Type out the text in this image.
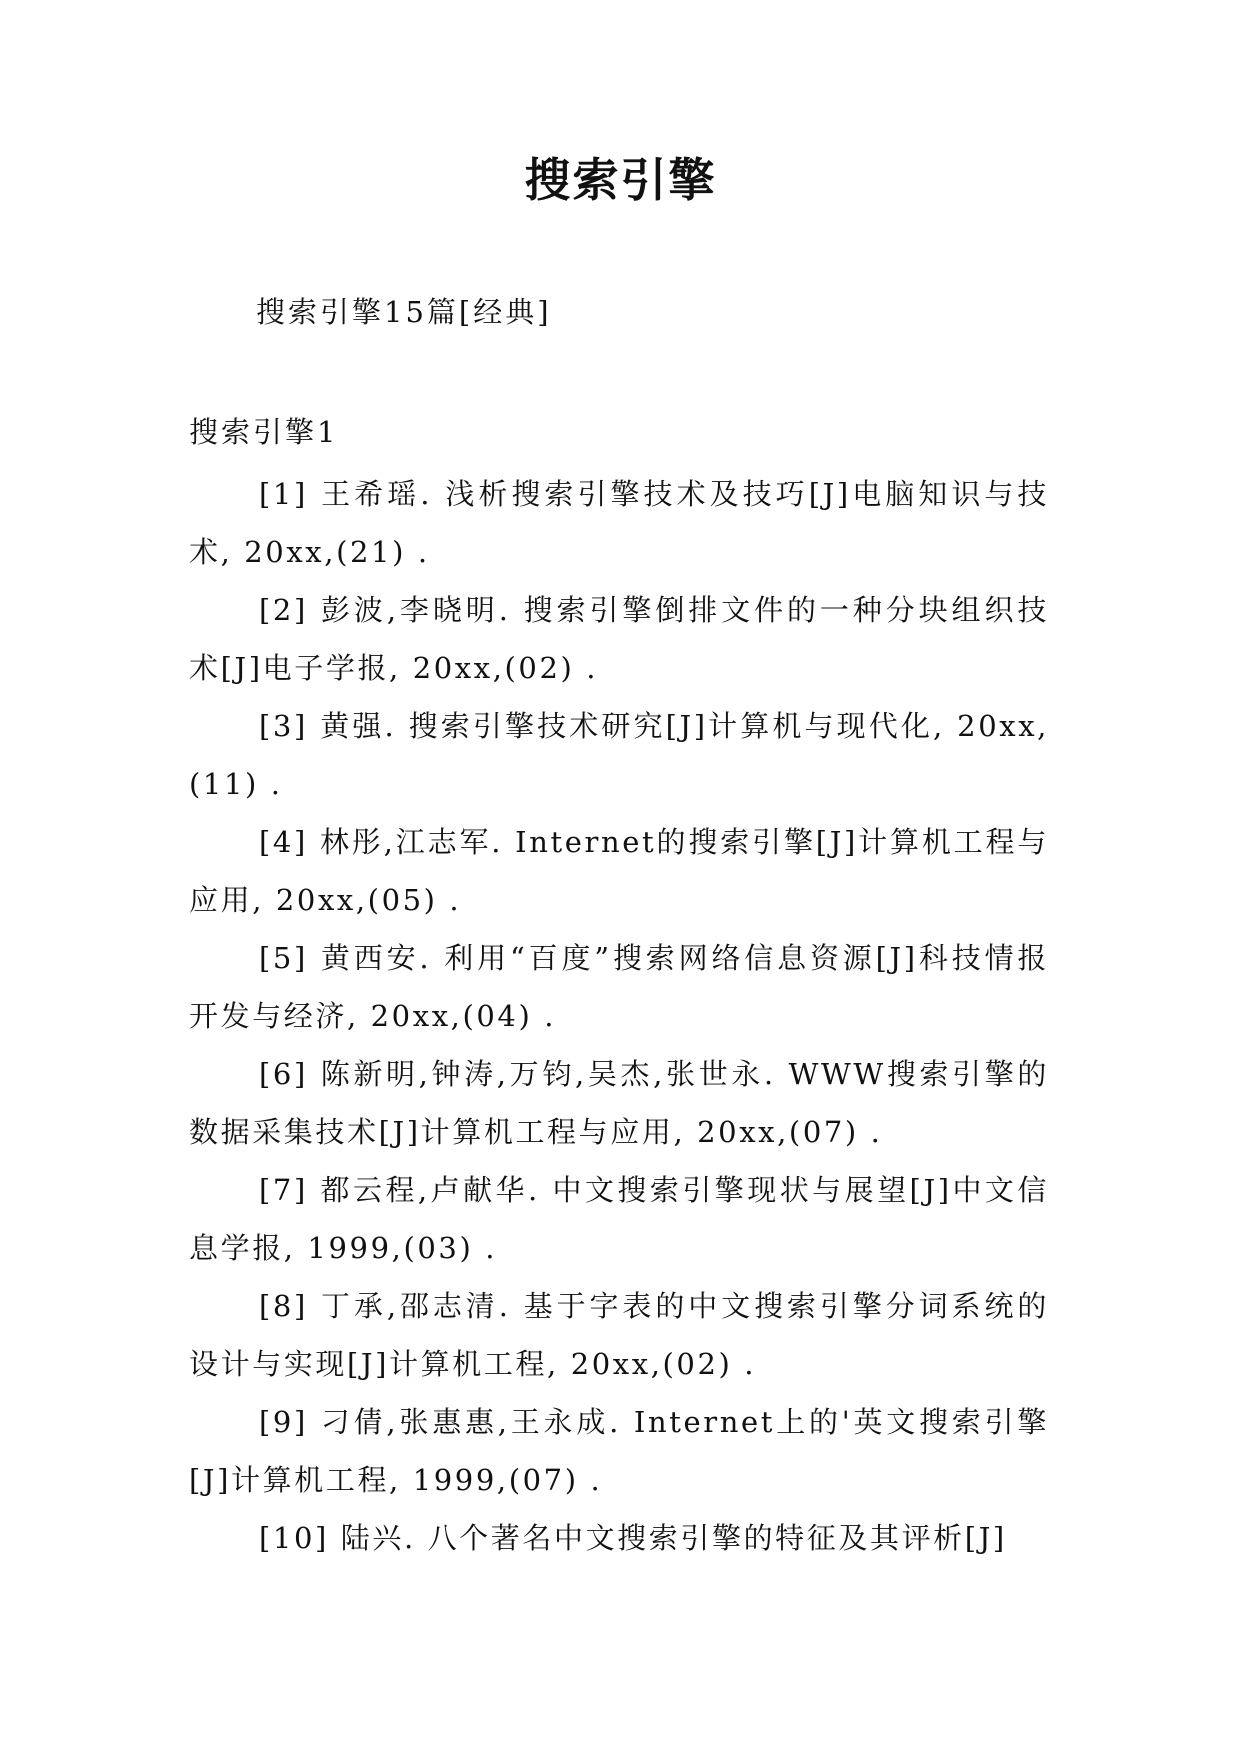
搜索引擎
搜索引擎15篇[经典]
搜索引擎1
[1] 王希瑶. 浅析搜索引擎技术及技巧[J]电脑知识与技术, 20xx,(21) .
[2] 彭波,李晓明. 搜索引擎倒排文件的一种分块组织技术[J]电子学报, 20xx,(02) .
[3] 黄强. 搜索引擎技术研究[J]计算机与现代化, 20xx,(11) .
[4] 林彤,江志军. Internet的搜索引擎[J]计算机工程与应用, 20xx,(05) .
[5] 黄西安. 利用“百度”搜索网络信息资源[J]科技情报开发与经济, 20xx,(04) .
[6] 陈新明,钟涛,万钧,吴杰,张世永. WWW搜索引擎的数据采集技术[J]计算机工程与应用, 20xx,(07) .
[7] 都云程,卢献华. 中文搜索引擎现状与展望[J]中文信息学报, 1999,(03) .
[8] 丁承,邵志清. 基于字表的中文搜索引擎分词系统的设计与实现[J]计算机工程, 20xx,(02) .
[9] 刁倩,张惠惠,王永成. Internet上的'英文搜索引擎[J]计算机工程, 1999,(07) .
[10] 陆兴. 八个著名中文搜索引擎的特征及其评析[J]
